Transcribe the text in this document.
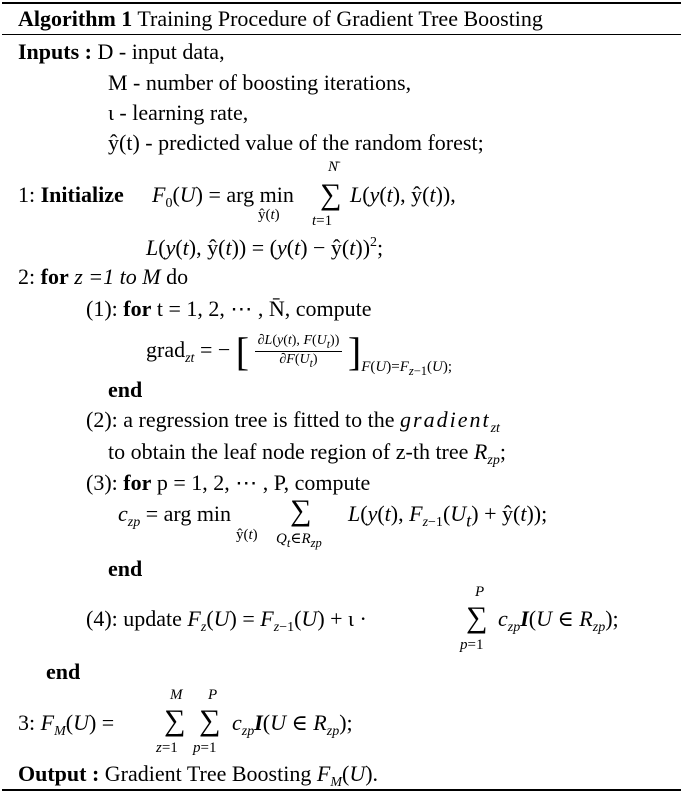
Algorithm 1 Training Procedure of Gradient Tree Boosting
Inputs : D - input data,
M - number of boosting iterations,
ι - learning rate,
ŷ(t) - predicted value of the random forest;
1: Initialize $F_0(U)$ = arg min
ŷ(t)
N
∑
t=1
L(y(t), ŷ(t)),
L(y(t), ŷ(t)) = (y(t) − ŷ(t))$^2$;
2: for z =1 to M do
(1): for t = 1, 2, ⋯ , N̄, compute
grad$_{zt}$ = − [ $\frac{\partial L(y(t), F(U_t))}{\partial F(U_t)} ]_{F(U)=F_{z-1}(U);}$
end
(2): a regression tree is fitted to the gradient$_{zt}$
to obtain the leaf node region of z-th tree $R_{zp}$;
(3): for p = 1, 2, ⋯ , P, compute
$c_{zp}$ = arg min
ŷ(t)
∑
$Q_t\in R_{zp}$
L(y(t), $F_{z-1}(U_t)$ + ŷ(t));
end
(4): update $F_z(U) = F_{z-1}(U) + \iota$ ·
P
∑
p=1
$c_{zp}I(U$ ∈ $R_{zp}$);
end
3: $F_M(U)$ =
M
∑
z=1
P
∑
p=1
$c_{zp}I(U$ ∈ $R_{zp}$);
Output : Gradient Tree Boosting $F_M(U)$.
